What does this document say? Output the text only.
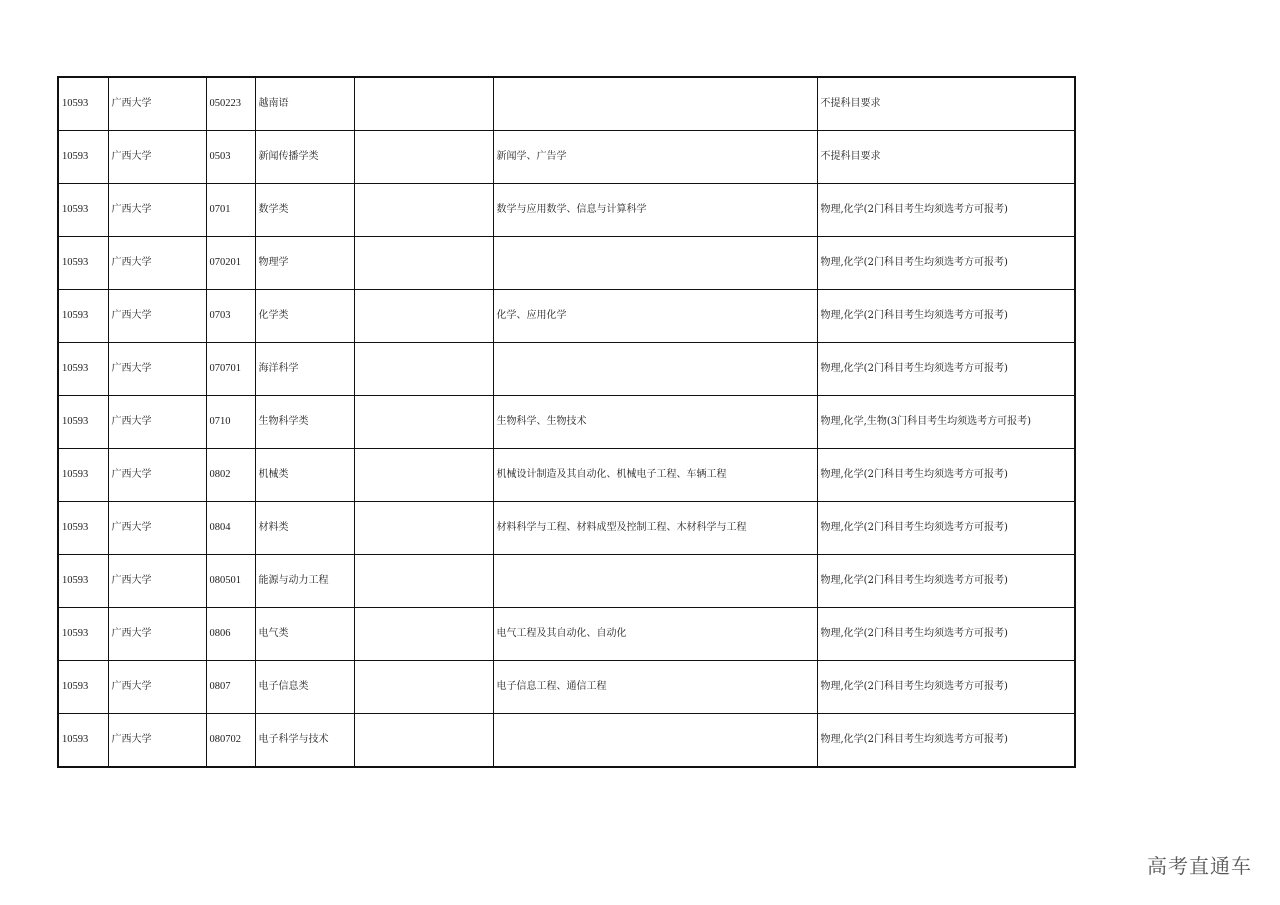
10593	广西大学	050223	越南语			不提科目要求
10593	广西大学	0503	新闻传播学类		新闻学、广告学	不提科目要求
10593	广西大学	0701	数学类		数学与应用数学、信息与计算科学	物理,化学(2门科目考生均须选考方可报考)
10593	广西大学	070201	物理学			物理,化学(2门科目考生均须选考方可报考)
10593	广西大学	0703	化学类		化学、应用化学	物理,化学(2门科目考生均须选考方可报考)
10593	广西大学	070701	海洋科学			物理,化学(2门科目考生均须选考方可报考)
10593	广西大学	0710	生物科学类		生物科学、生物技术	物理,化学,生物(3门科目考生均须选考方可报考)
10593	广西大学	0802	机械类		机械设计制造及其自动化、机械电子工程、车辆工程	物理,化学(2门科目考生均须选考方可报考)
10593	广西大学	0804	材料类		材料科学与工程、材料成型及控制工程、木材科学与工程	物理,化学(2门科目考生均须选考方可报考)
10593	广西大学	080501	能源与动力工程			物理,化学(2门科目考生均须选考方可报考)
10593	广西大学	0806	电气类		电气工程及其自动化、自动化	物理,化学(2门科目考生均须选考方可报考)
10593	广西大学	0807	电子信息类		电子信息工程、通信工程	物理,化学(2门科目考生均须选考方可报考)
10593	广西大学	080702	电子科学与技术			物理,化学(2门科目考生均须选考方可报考)
高考直通车
